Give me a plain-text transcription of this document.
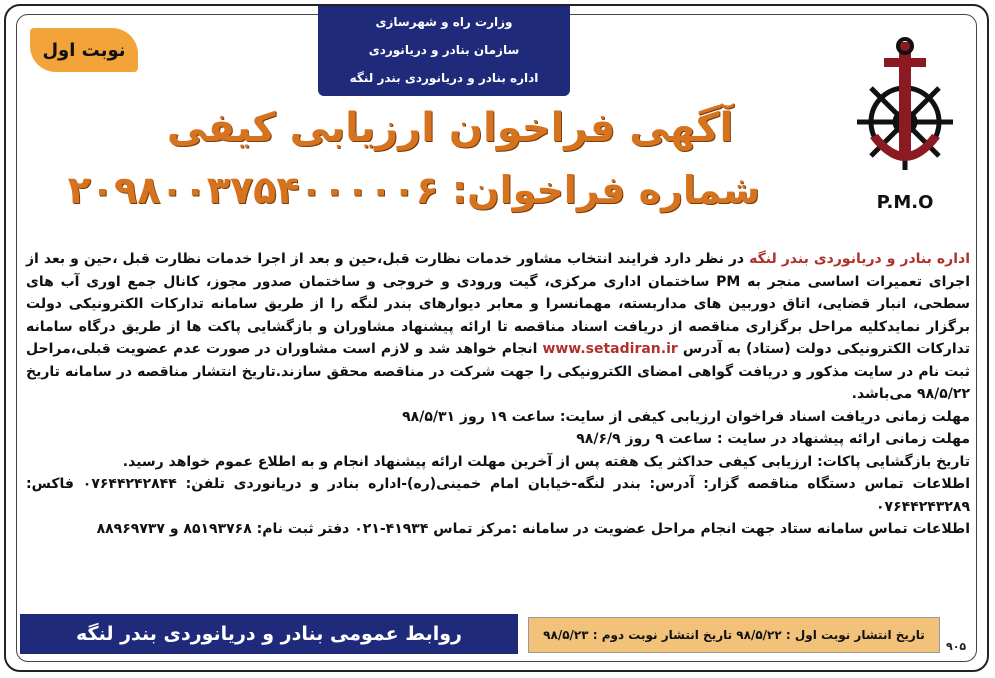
نوبت اول
وزارت راه و شهرسازی
سازمان بنادر و دریانوردی
اداره بنادر و دریانوردی بندر لنگه
P.M.O
آگهی فراخوان ارزیابی کیفی
شماره فراخوان: ۲۰۹۸۰۰۳۷۵۴۰۰۰۰۰۶

اداره بنادر و دریانوردی بندر لنگه در نظر دارد فرایند انتخاب مشاور خدمات نظارت قبل،حین و بعد از اجرا خدمات نظارت قبل ،حین و بعد از اجرای تعمیرات اساسی منجر به PM ساختمان اداری مرکزی، گیت ورودی و خروجی و ساختمان صدور مجوز، کانال جمع اوری آب های سطحی، انبار قضایی، اتاق دوربین های مداربسته، مهمانسرا و معابر دیوارهای بندر لنگه را از طریق سامانه تدارکات الکترونیکی دولت برگزار نمایدکلیه مراحل برگزاری مناقصه از دریافت اسناد مناقصه تا ارائه پیشنهاد مشاوران و بازگشایی پاکت ها از طریق درگاه سامانه تدارکات الکترونیکی دولت (ستاد) به آدرس www.setadiran.ir انجام خواهد شد و لازم است مشاوران در صورت عدم عضویت قبلی،مراحل ثبت نام در سایت مذکور و دریافت گواهی امضای الکترونیکی را جهت شرکت در مناقصه محقق سازند.تاریخ انتشار مناقصه در سامانه تاریخ ۹۸/۵/۲۲ می‌باشد.

مهلت زمانی دریافت اسناد فراخوان ارزیابی کیفی از سایت: ساعت ۱۹ روز ۹۸/۵/۳۱

مهلت زمانی ارائه پیشنهاد در سایت : ساعت ۹ روز ۹۸/۶/۹

تاریخ بازگشایی پاکات: ارزیابی کیفی حداکثر یک هفته پس از آخرین مهلت ارائه پیشنهاد انجام و به اطلاع عموم خواهد رسید.

اطلاعات تماس دستگاه مناقصه گزار: آدرس: بندر لنگه-خیابان امام خمینی(ره)-اداره بنادر و دریانوردی تلفن: ۰۷۶۴۴۲۴۲۸۴۴ فاکس: ۰۷۶۴۴۲۴۳۲۸۹

اطلاعات تماس سامانه ستاد جهت انجام مراحل عضویت در سامانه :مرکز تماس ۴۱۹۳۴-۰۲۱ دفتر ثبت نام: ۸۵۱۹۳۷۶۸ و ۸۸۹۶۹۷۳۷

تاریخ انتشار نوبت اول : ۹۸/۵/۲۲ تاریخ انتشار نوبت دوم : ۹۸/۵/۲۳
روابط عمومی بنادر و دریانوردی بندر لنگه
۹۰۵
